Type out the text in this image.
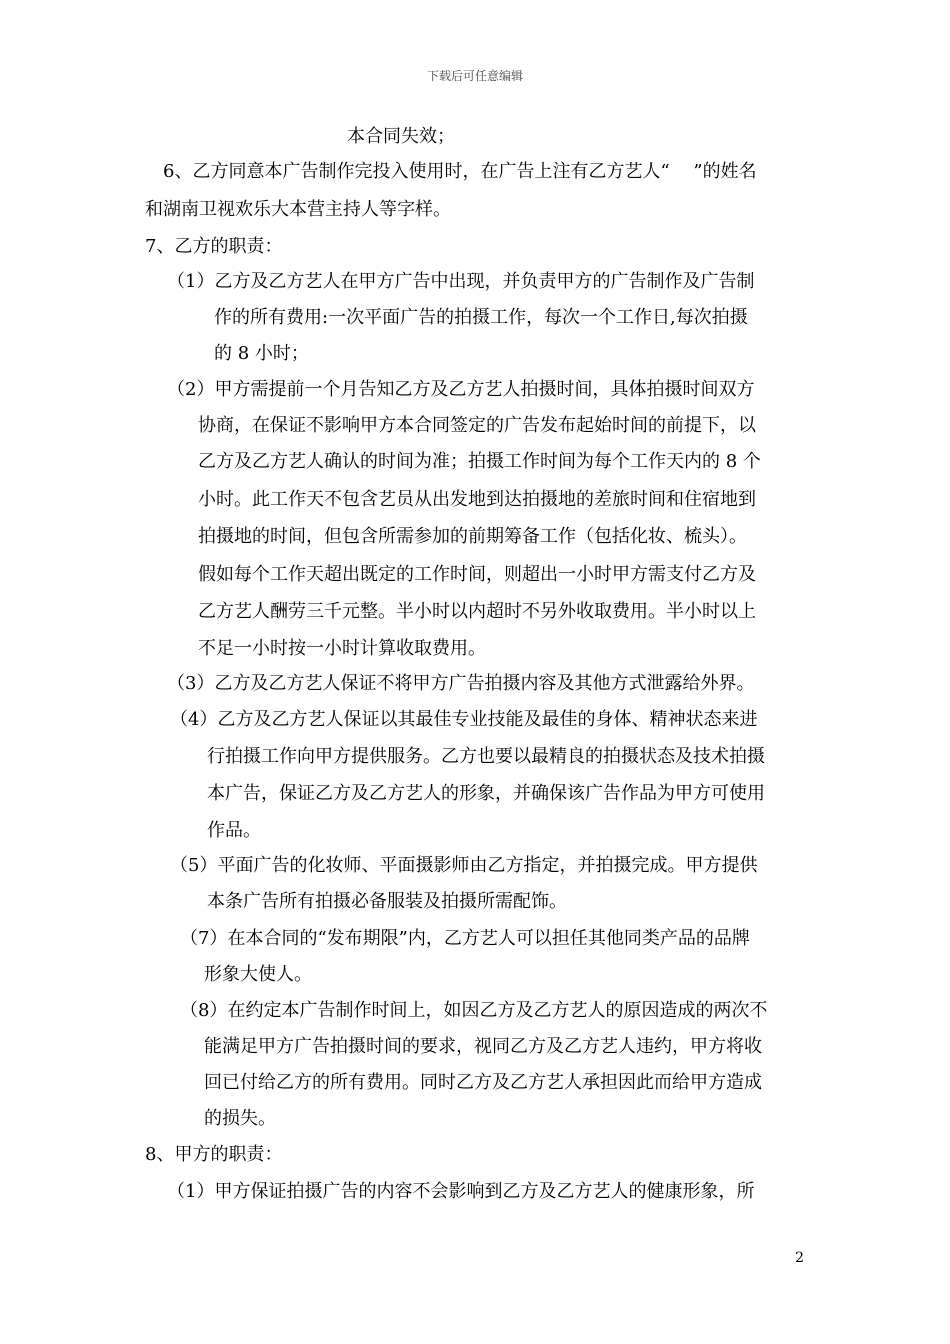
下载后可任意编辑
本合同失效；
6、乙方同意本广告制作完投入使用时，在广告上注有乙方艺人“　 ”的姓名
和湖南卫视欢乐大本营主持人等字样。
7、乙方的职责：
（1）乙方及乙方艺人在甲方广告中出现，并负责甲方的广告制作及广告制
作的所有费用:一次平面广告的拍摄工作，每次一个工作日,每次拍摄
的 8 小时；
（2）甲方需提前一个月告知乙方及乙方艺人拍摄时间，具体拍摄时间双方
协商，在保证不影响甲方本合同签定的广告发布起始时间的前提下，以
乙方及乙方艺人确认的时间为准；拍摄工作时间为每个工作天内的 8 个
小时。此工作天不包含艺员从出发地到达拍摄地的差旅时间和住宿地到
拍摄地的时间，但包含所需参加的前期筹备工作（包括化妆、梳头）。
假如每个工作天超出既定的工作时间，则超出一小时甲方需支付乙方及
乙方艺人酬劳三千元整。半小时以内超时不另外收取费用。半小时以上
不足一小时按一小时计算收取费用。
（3）乙方及乙方艺人保证不将甲方广告拍摄内容及其他方式泄露给外界。
（4）乙方及乙方艺人保证以其最佳专业技能及最佳的身体、精神状态来进
行拍摄工作向甲方提供服务。乙方也要以最精良的拍摄状态及技术拍摄
本广告，保证乙方及乙方艺人的形象，并确保该广告作品为甲方可使用
作品。
（5）平面广告的化妆师、平面摄影师由乙方指定，并拍摄完成。甲方提供
本条广告所有拍摄必备服装及拍摄所需配饰。
（7）在本合同的“发布期限”内，乙方艺人可以担任其他同类产品的品牌
形象大使人。
（8）在约定本广告制作时间上，如因乙方及乙方艺人的原因造成的两次不
能满足甲方广告拍摄时间的要求，视同乙方及乙方艺人违约，甲方将收
回已付给乙方的所有费用。同时乙方及乙方艺人承担因此而给甲方造成
的损失。
8、甲方的职责：
（1）甲方保证拍摄广告的内容不会影响到乙方及乙方艺人的健康形象，所
2
